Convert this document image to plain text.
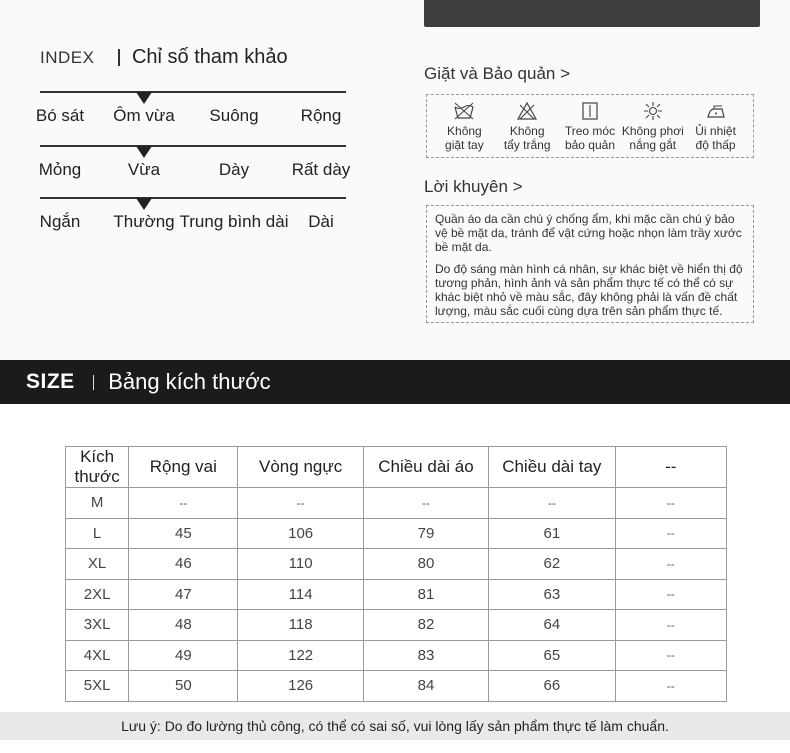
INDEX Chỉ số tham khảo
Bó sát Ôm vừa Suông Rộng
Mỏng	Vừa	Dày	Rất dày
Ngắn Thường Trung bình dài Dài
Giặt và Bảo quản >
Không
giặt tay
Không
tẩy trắng
Treo móc
bảo quản
Không phơi
nắng gắt
Ủi nhiệt
độ thấp
Lời khuyên >

Quần áo da cần chú ý chống ẩm, khi mặc cần chú ý bảo vệ bề mặt da, tránh để vật cứng hoặc nhọn làm trầy xước bề mặt da.

Do độ sáng màn hình cá nhân, sự khác biệt về hiển thị độ tương phản, hình ảnh và sản phẩm thực tế có thể có sự khác biệt nhỏ về màu sắc, đây không phải là vấn đề chất lượng, màu sắc cuối cùng dựa trên sản phẩm thực tế.

SIZE Bảng kích thước
Kích thước	Rộng vai	Vòng ngực	Chiều dài áo	Chiều dài tay	--
M	--	--	--	--	--
L	45	106	79	61	--
XL	46	110	80	62	--
2XL	47	114	81	63	--
3XL	48	118	82	64	--
4XL	49	122	83	65	--
5XL	50	126	84	66	--
Lưu ý: Do đo lường thủ công, có thể có sai số, vui lòng lấy sản phẩm thực tế làm chuẩn.
